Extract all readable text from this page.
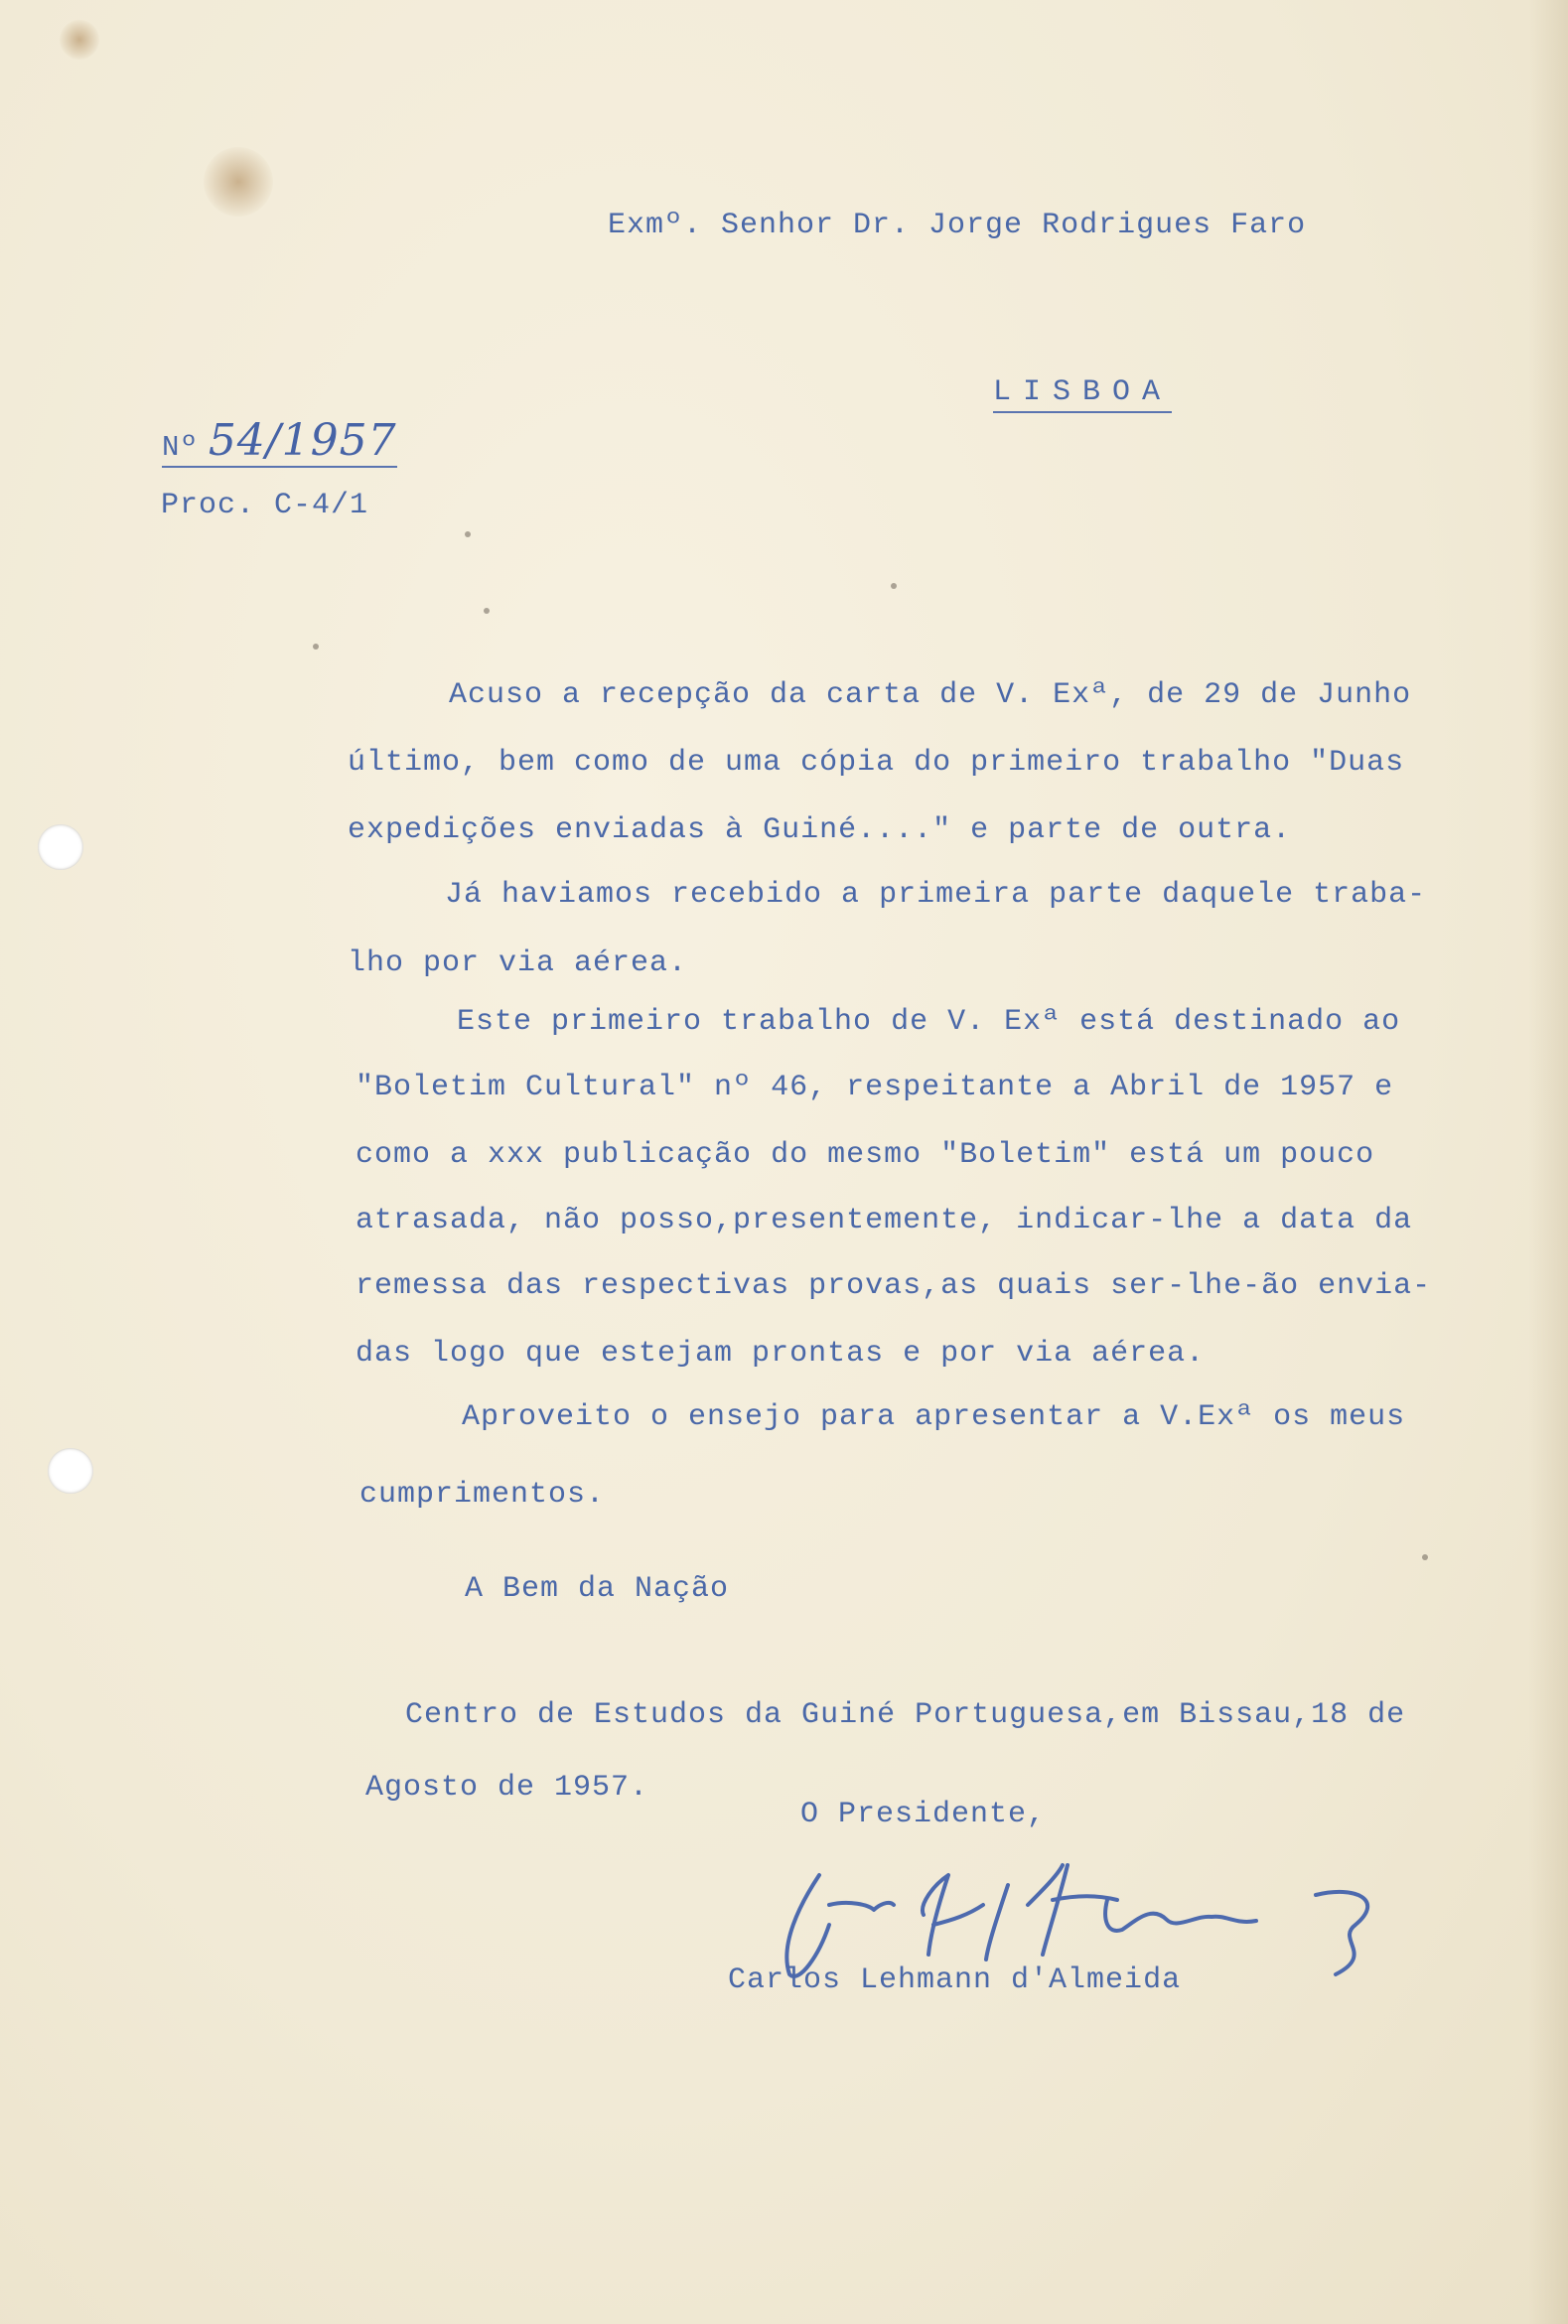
Exmº. Senhor Dr. Jorge Rodrigues Faro
LISBOA
Nº 54/1957
Proc. C-4/1
Acuso a recepção da carta de V. Exª, de 29 de Junho
último, bem como de uma cópia do primeiro trabalho "Duas
expedições enviadas à Guiné...." e parte de outra.
Já haviamos recebido a primeira parte daquele traba-
lho por via aérea.
Este primeiro trabalho de V. Exª está destinado ao
"Boletim Cultural" nº 46, respeitante a Abril de 1957 e
como a xxx publicação do mesmo "Boletim" está um pouco
atrasada, não posso,presentemente, indicar-lhe a data da
remessa das respectivas provas,as quais ser-lhe-ão envia-
das logo que estejam prontas e por via aérea.
Aproveito o ensejo para apresentar a V.Exª os meus
cumprimentos.
A Bem da Nação
Centro de Estudos da Guiné Portuguesa,em Bissau,18 de
Agosto de 1957.
O Presidente,
Carlos Lehmann d'Almeida
